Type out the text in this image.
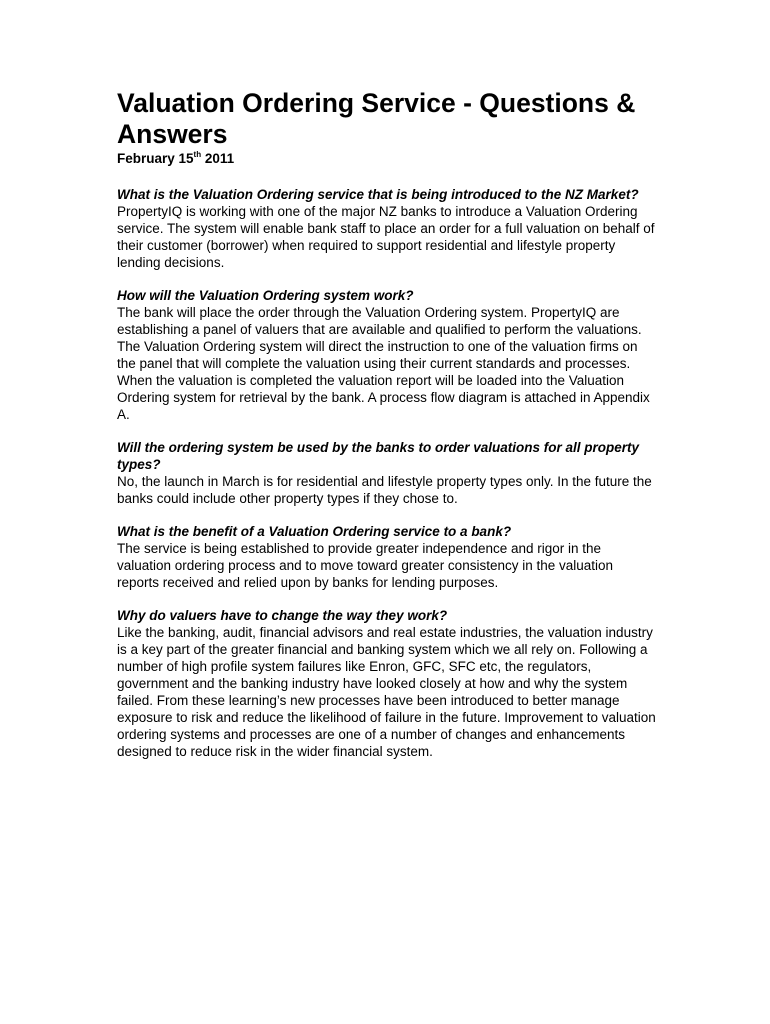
Valuation Ordering Service - Questions & Answers

February 15th 2011

What is the Valuation Ordering service that is being introduced to the NZ Market?

PropertyIQ is working with one of the major NZ banks to introduce a Valuation Ordering service. The system will enable bank staff to place an order for a full valuation on behalf of their customer (borrower) when required to support residential and lifestyle property lending decisions.

How will the Valuation Ordering system work?

The bank will place the order through the Valuation Ordering system. PropertyIQ are establishing a panel of valuers that are available and qualified to perform the valuations. The Valuation Ordering system will direct the instruction to one of the valuation firms on the panel that will complete the valuation using their current standards and processes. When the valuation is completed the valuation report will be loaded into the Valuation Ordering system for retrieval by the bank. A process flow diagram is attached in Appendix A.

Will the ordering system be used by the banks to order valuations for all property types?

No, the launch in March is for residential and lifestyle property types only. In the future the banks could include other property types if they chose to.

What is the benefit of a Valuation Ordering service to a bank?

The service is being established to provide greater independence and rigor in the valuation ordering process and to move toward greater consistency in the valuation reports received and relied upon by banks for lending purposes.

Why do valuers have to change the way they work?

Like the banking, audit, financial advisors and real estate industries, the valuation industry is a key part of the greater financial and banking system which we all rely on. Following a number of high profile system failures like Enron, GFC, SFC etc, the regulators, government and the banking industry have looked closely at how and why the system failed. From these learning’s new processes have been introduced to better manage exposure to risk and reduce the likelihood of failure in the future. Improvement to valuation ordering systems and processes are one of a number of changes and enhancements designed to reduce risk in the wider financial system.
